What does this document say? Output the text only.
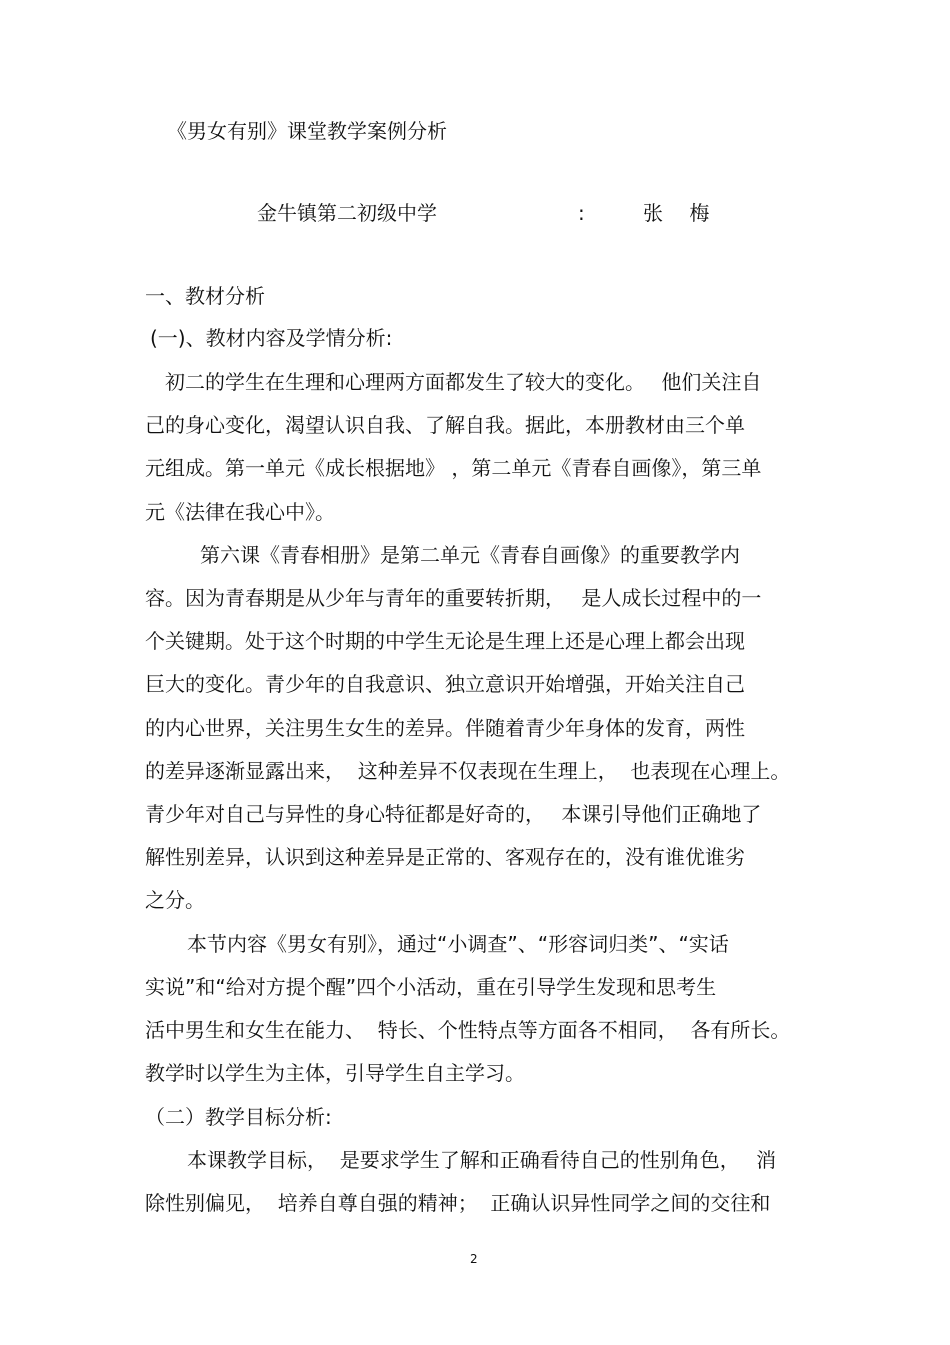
《男女有别》课堂教学案例分析
金牛镇第二初级中学	:	张　 梅
一、教材分析
(一)、教材内容及学情分析:
初二的学生在生理和心理两方面都发生了较大的变化。　 他们关注自
己的身心变化，渴望认识自我、了解自我。据此，本册教材由三个单
元组成。第一单元《成长根据地》 ，第二单元《青春自画像》，第三单
元《法律在我心中》。
第六课《青春相册》是第二单元《青春自画像》的重要教学内
容。因为青春期是从少年与青年的重要转折期，　 是人成长过程中的一
个关键期。处于这个时期的中学生无论是生理上还是心理上都会出现
巨大的变化。青少年的自我意识、独立意识开始增强，开始关注自己
的内心世界，关注男生女生的差异。伴随着青少年身体的发育，两性
的差异逐渐显露出来，  这种差异不仅表现在生理上，  也表现在心理上。
青少年对自己与异性的身心特征都是好奇的，　 本课引导他们正确地了
解性别差异，认识到这种差异是正常的、客观存在的，没有谁优谁劣
之分。
本节内容《男女有别》，通过“小调查”、“形容词归类”、“实话
实说”和“给对方提个醒”四个小活动，重在引导学生发现和思考生
活中男生和女生在能力、  特长、个性特点等方面各不相同，  各有所长。
教学时以学生为主体，引导学生自主学习。
（二）教学目标分析:
本课教学目标，  是要求学生了解和正确看待自己的性别角色，　 消
除性别偏见，  培养自尊自强的精神；  正确认识异性同学之间的交往和
2
